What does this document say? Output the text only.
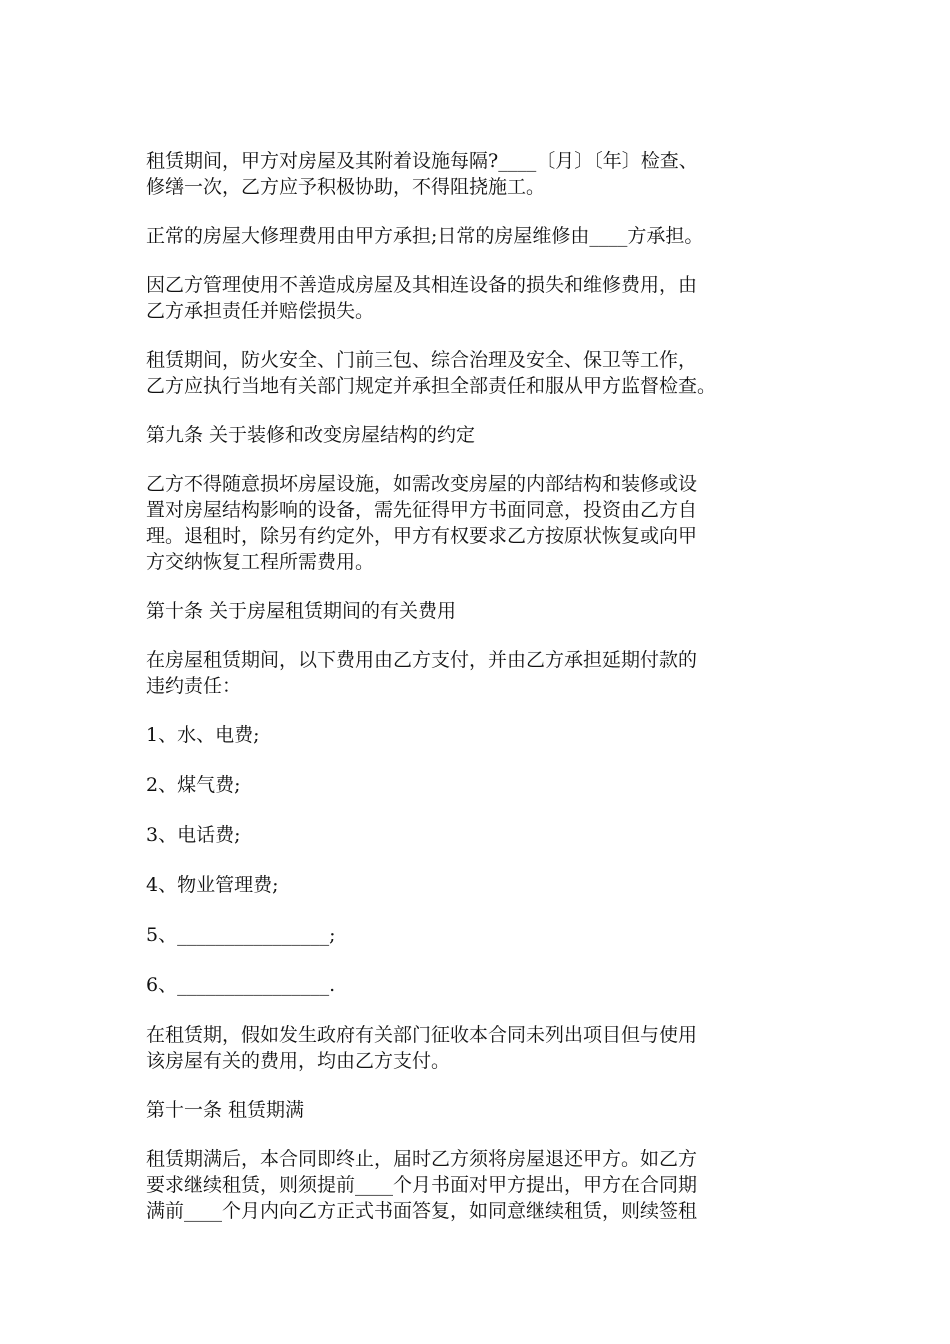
租赁期间，甲方对房屋及其附着设施每隔?____〔月〕〔年〕检查、
修缮一次，乙方应予积极协助，不得阻挠施工。
正常的房屋大修理费用由甲方承担;日常的房屋维修由____方承担。
因乙方管理使用不善造成房屋及其相连设备的损失和维修费用，由
乙方承担责任并赔偿损失。
租赁期间，防火安全、门前三包、综合治理及安全、保卫等工作，
乙方应执行当地有关部门规定并承担全部责任和服从甲方监督检查。
第九条 关于装修和改变房屋结构的约定
乙方不得随意损坏房屋设施，如需改变房屋的内部结构和装修或设
置对房屋结构影响的设备，需先征得甲方书面同意，投资由乙方自
理。退租时，除另有约定外，甲方有权要求乙方按原状恢复或向甲
方交纳恢复工程所需费用。
第十条 关于房屋租赁期间的有关费用
在房屋租赁期间，以下费用由乙方支付，并由乙方承担延期付款的
违约责任：
1、水、电费;
2、煤气费;
3、电话费;
4、物业管理费;
5、________________;
6、________________.
在租赁期，假如发生政府有关部门征收本合同未列出项目但与使用
该房屋有关的费用，均由乙方支付。
第十一条 租赁期满
租赁期满后，本合同即终止，届时乙方须将房屋退还甲方。如乙方
要求继续租赁，则须提前____个月书面对甲方提出，甲方在合同期
满前____个月内向乙方正式书面答复，如同意继续租赁，则续签租
